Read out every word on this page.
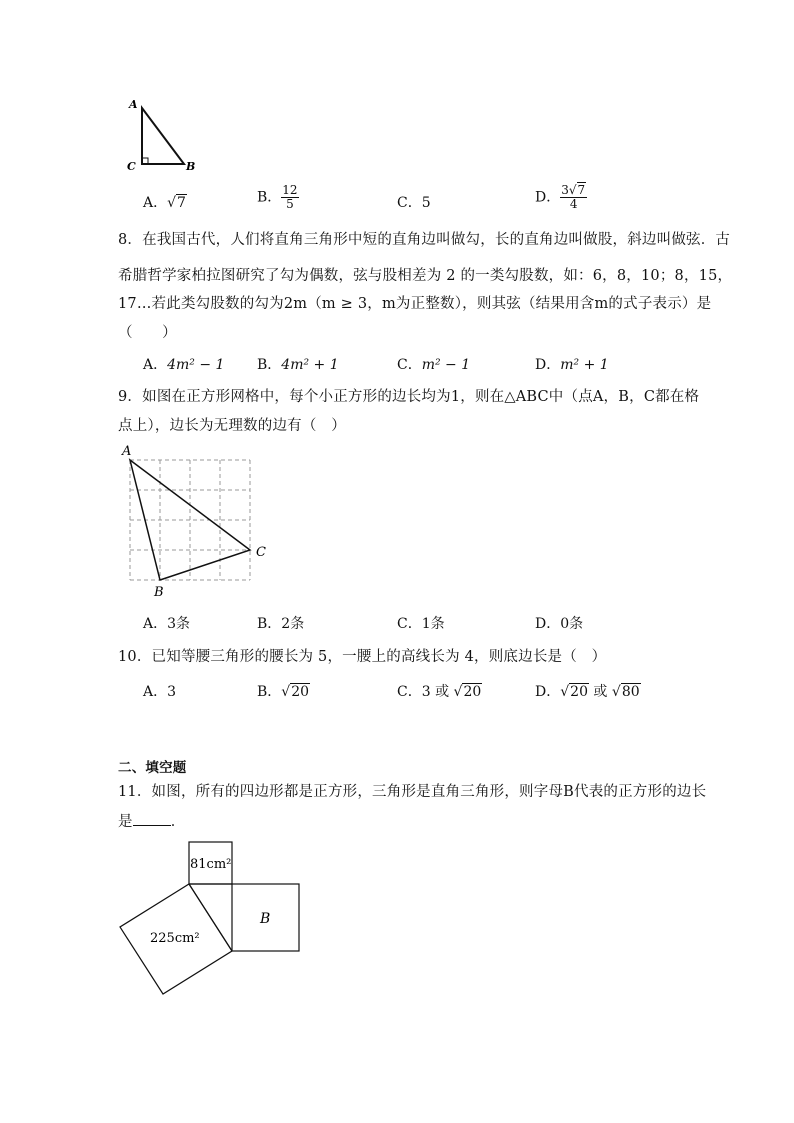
A
C	B
A．√7	B． $\frac{12}{5}$	C．5	D． $\frac{3√7}{4}$
8．在我国古代，人们将直角三角形中短的直角边叫做勾，长的直角边叫做股，斜边叫做弦．古
希腊哲学家柏拉图研究了勾为偶数，弦与股相差为 2 的一类勾股数，如：6，8，10；8，15，
17…若此类勾股数的勾为2m（m ≥ 3，m为正整数），则其弦（结果用含m的式子表示）是
（　　）
A．4m² − 1 B．4m² + 1	C．m² − 1	D．m² + 1
9．如图在正方形网格中，每个小正方形的边长均为1，则在△ABC中（点A，B，C都在格
点上），边长为无理数的边有（　）
A
B
C
A．3条	B．2条	C．1条	D．0条
10．已知等腰三角形的腰长为 5，一腰上的高线长为 4，则底边长是（　）
A．3	B．√20	C．3 或 √20	D．√20 或 √80
二、填空题
11．如图，所有的四边形都是正方形，三角形是直角三角形，则字母B代表的正方形的边长
是	．
81cm²
225cm²
B
